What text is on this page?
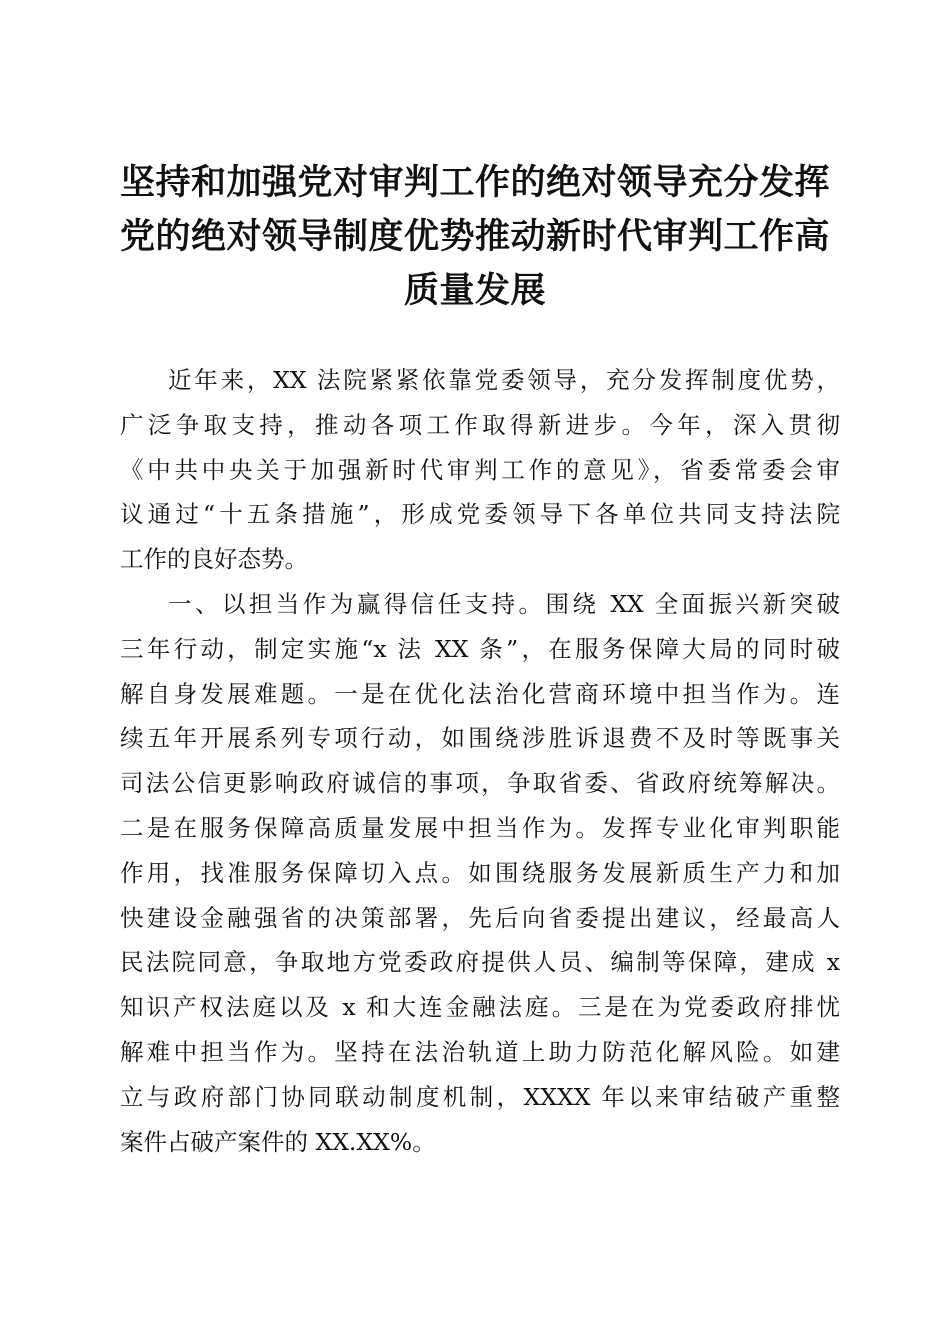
坚持和加强党对审判工作的绝对领导充分发挥
党的绝对领导制度优势推动新时代审判工作高
质量发展
近年来，XX 法院紧紧依靠党委领导，充分发挥制度优势，
广泛争取支持，推动各项工作取得新进步。今年，深入贯彻
《中共中央关于加强新时代审判工作的意见》，省委常委会审
议通过“十五条措施”，形成党委领导下各单位共同支持法院
工作的良好态势。
一、以担当作为赢得信任支持。围绕 XX 全面振兴新突破
三年行动，制定实施“x 法 XX 条”，在服务保障大局的同时破
解自身发展难题。一是在优化法治化营商环境中担当作为。连
续五年开展系列专项行动，如围绕涉胜诉退费不及时等既事关
司法公信更影响政府诚信的事项，争取省委、省政府统筹解决。
二是在服务保障高质量发展中担当作为。发挥专业化审判职能
作用，找准服务保障切入点。如围绕服务发展新质生产力和加
快建设金融强省的决策部署，先后向省委提出建议，经最高人
民法院同意，争取地方党委政府提供人员、编制等保障，建成 x
知识产权法庭以及 x 和大连金融法庭。三是在为党委政府排忧
解难中担当作为。坚持在法治轨道上助力防范化解风险。如建
立与政府部门协同联动制度机制，XXXX 年以来审结破产重整
案件占破产案件的 XX.XX%。
